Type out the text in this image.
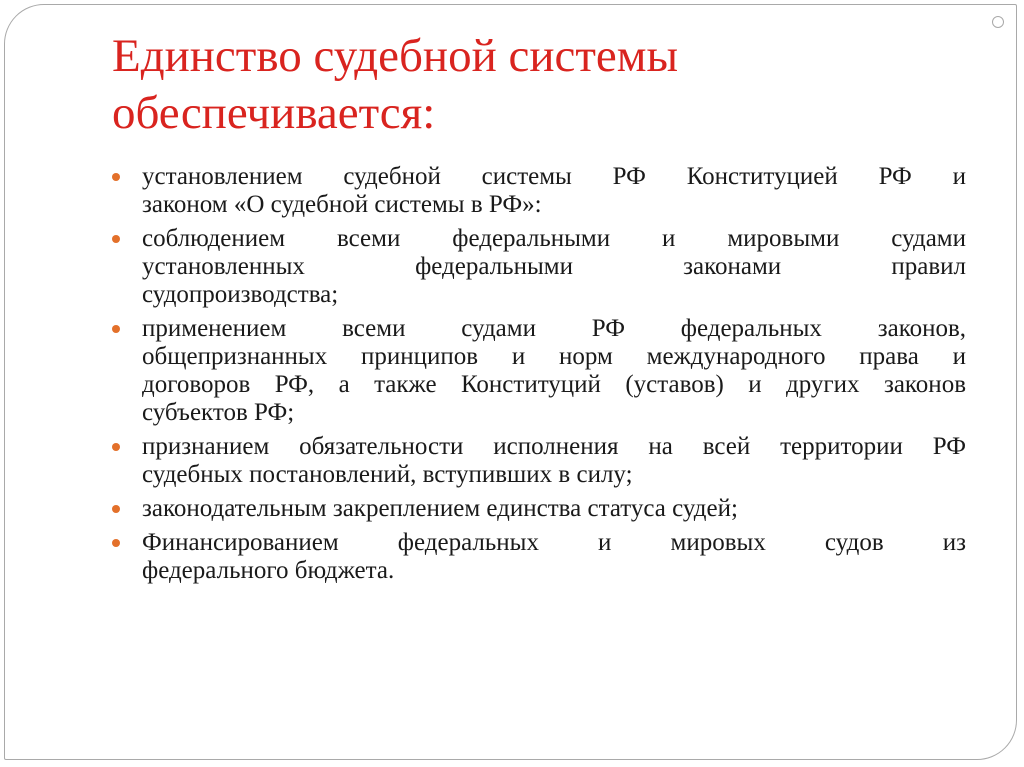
Единство судебной системы
обеспечивается:
установлением судебной системы РФ Конституцией РФ и
законом «О судебной системы в РФ»:
соблюдением всеми федеральными и мировыми судами
установленных федеральными законами правил
судопроизводства;
применением всеми судами РФ федеральных законов,
общепризнанных принципов и норм международного права и
договоров РФ, а также Конституций (уставов) и других законов
субъектов РФ;
признанием обязательности исполнения на всей территории РФ
судебных постановлений, вступивших в силу;
законодательным закреплением единства статуса судей;
Финансированием федеральных и мировых судов из
федерального бюджета.
